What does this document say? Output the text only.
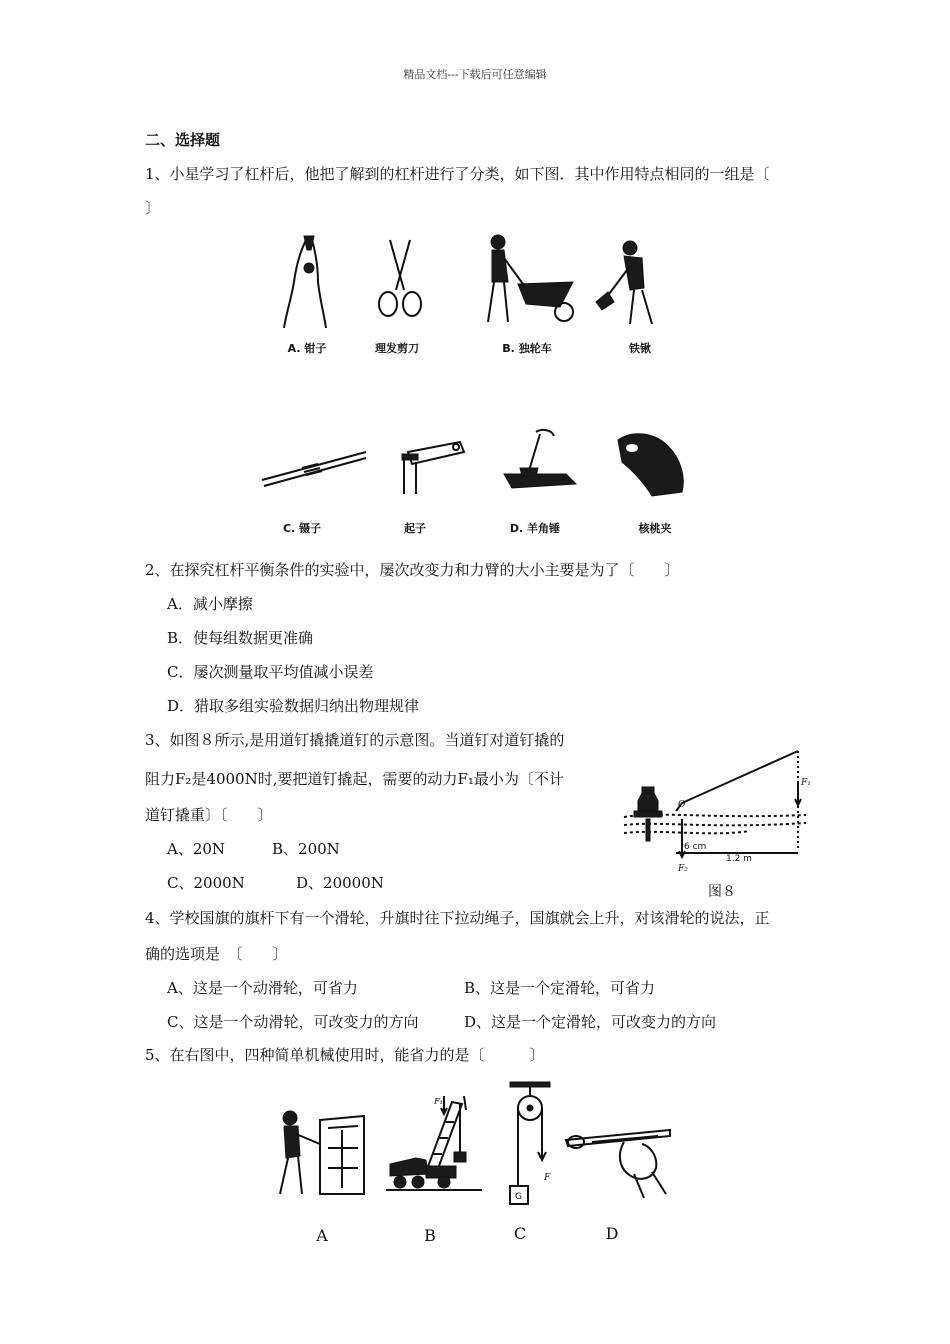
精品文档---下载后可任意编辑
二、选择题
1、小星学习了杠杆后，他把了解到的杠杆进行了分类，如下图．其中作用特点相同的一组是〔
〕
A. 钳子	理发剪刀	B. 独轮车	铁锹
C. 镊子	起子	D. 羊角锤	核桃夹
2、在探究杠杆平衡条件的实验中，屡次改变力和力臂的大小主要是为了〔　　〕
A．减小摩擦
B．使每组数据更准确
C．屡次测量取平均值减小误差
D．猎取多组实验数据归纳出物理规律
3、如图８所示,是用道钉撬撬道钉的示意图。当道钉对道钉撬的
阻力F₂是4000N时,要把道钉撬起，需要的动力F₁最小为〔不计
道钉撬重〕〔　　〕
A、20N	B、200N
C、2000N	D、20000N
F₁
O
F₂
6 cm
1.2 m
图８
4、学校国旗的旗杆下有一个滑轮，升旗时往下拉动绳子，国旗就会上升，对该滑轮的说法，正
确的选项是　〔　　〕
A、这是一个动滑轮，可省力	B、这是一个定滑轮，可省力
C、这是一个动滑轮，可改变力的方向	D、这是一个定滑轮，可改变力的方向
5、在右图中，四种简单机械使用时，能省力的是〔　　　〕
F₁
F
G
A	B	C	D
